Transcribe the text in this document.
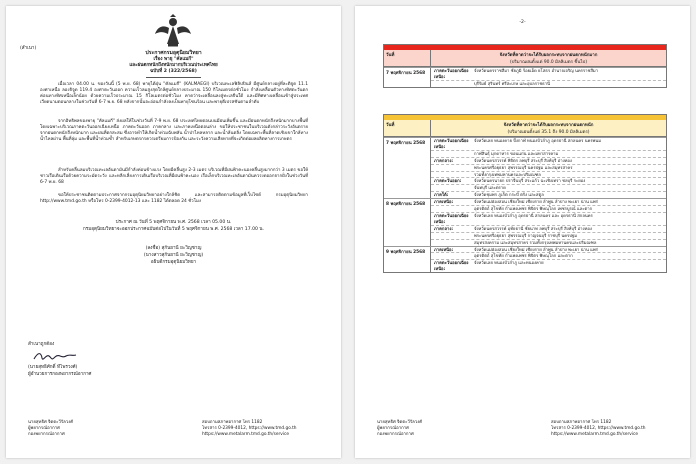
(สำเนา)
ประกาศกรมอุตุนิยมวิทยา
เรื่อง พายุ "คัลแมกี"
และฝนตกหนักถึงหนักมากบริเวณประเทศไทย
ฉบับที่ 2 (322/2568)
เมื่อเวลา 04.00 น. ของวันนี้ (5 พ.ย. 68) พายุไต้ฝุ่น "คัลแมกี" (KALMAEGI) บริเวณทะเลฟิลิปปินส์ มีศูนย์กลางอยู่ที่ละติจูด 11.1 องศาเหนือ ลองจิจูด 119.4 องศาตะวันออก ความเร็วลมสูงสุดใกล้ศูนย์กลางประมาณ 150 กิโลเมตรต่อชั่วโมง กำลังเคลื่อนตัวทางทิศตะวันตกค่อนทางทิศเหนือเล็กน้อย ด้วยความเร็วประมาณ 15 กิโลเมตรต่อชั่วโมง คาดว่าจะเคลื่อนลงสู่ทะเลจีนใต้ และมีทิศทางเคลื่อนเข้าสู่ประเทศเวียดนามตอนกลางในช่วงวันที่ 6-7 พ.ย. 68 หลังจากนั้นจะอ่อนกำลังลงเป็นพายุโซนร้อน และพายุดีเปรสชันตามลำดับ
จากอิทธิพลของพายุ "คัลแมกี" ส่งผลให้ในช่วงวันที่ 7-9 พ.ย. 68 ประเทศไทยตอนบนมีฝนเพิ่มขึ้น และมีฝนตกหนักถึงหนักมากบางพื้นที่ โดยเฉพาะบริเวณภาคตะวันออกเฉียงเหนือ ภาคตะวันออก ภาคกลาง และภาคเหนือตอนล่าง ขอให้ประชาชนในบริเวณดังกล่าวระวังอันตรายจากฝนตกหนักถึงหนักมาก และฝนที่ตกสะสม ซึ่งอาจทำให้เกิดน้ำท่วมฉับพลัน น้ำป่าไหลหลาก และน้ำล้นตลิ่ง โดยเฉพาะพื้นที่ลาดเชิงเขาใกล้ทางน้ำไหลผ่าน พื้นที่ลุ่ม และพื้นที่น้ำท่วมซ้ำ สำหรับเกษตรกรควรเตรียมการป้องกัน และระวังความเสียหายที่จะเกิดต่อผลผลิตทางการเกษตร
สำหรับคลื่นลมบริเวณทะเลอันดามันมีกำลังค่อนข้างแรง โดยมีคลื่นสูง 2-3 เมตร บริเวณที่มีฝนฟ้าคะนองคลื่นสูงมากกว่า 3 เมตร ขอให้ชาวเรือเดินเรือด้วยความระมัดระวัง และหลีกเลี่ยงการเดินเรือบริเวณที่มีฝนฟ้าคะนอง เรือเล็กบริเวณทะเลอันดามันควรงดออกจากฝั่งในช่วงวันที่ 6-7 พ.ย. 68
ขอให้ประชาชนติดตามประกาศจากกรมอุตุนิยมวิทยาอย่างใกล้ชิด และสามารถติดตามข้อมูลที่เว็บไซต์ กรมอุตุนิยมวิทยา http://www.tmd.go.th หรือโทร 0-2399-4012-13 และ 1182 ได้ตลอด 24 ชั่วโมง
ประกาศ ณ วันที่ 5 พฤศจิกายน พ.ศ. 2568 เวลา 05.00 น.
กรมอุตุนิยมวิทยาจะออกประกาศฉบับต่อไปในวันที่ 5 พฤศจิกายน พ.ศ. 2568 เวลา 17.00 น.
(ลงชื่อ) สุกันยานี ยะวิญชาญ
(นางสาวสุกันยานี ยะวิญชาญ)
อธิบดีกรมอุตุนิยมวิทยา
สำเนาถูกต้อง
(นายสุทธิศักดิ์ ทีไพรวงศ์)
ผู้อำนวยการกองพยากรณ์อากาศ
นายสุทธิศ จิตตะวีรัลวงศ์
ผู้พยากรณ์อากาศ
กองพยากรณ์อากาศ
สอบถามสภาพอากาศ โทร 1182
โทรสาร 0-2399-4012, https://www.tmd.go.th
https://www.metalarm.tmd.go.th/service
-2-
วันที่	จังหวัดที่คาดว่าจะได้รับผลกระทบจากฝนตกหนักมาก
(ปริมาณฝนตั้งแต่ 90.0 มิลลิเมตร ขึ้นไป)
7 พฤศจิกายน 2568
ภาคตะวันออกเฉียงเหนือ:
จังหวัดนครราชสีมา ชัยภูมิ ร้อยเอ็ด ยโสธร อำนาจเจริญ นครราชสีมา
บุรีรัมย์ สุรินทร์ ศรีสะเกษ และอุบลราชธานี
วันที่	จังหวัดที่คาดว่าจะได้รับผลกระทบจากฝนตกหนัก
(ปริมาณฝนตั้งแต่ 35.1 ถึง 90.0 มิลลิเมตร)
7 พฤศจิกายน 2568
ภาคตะวันออกเฉียงเหนือ:
จังหวัดเลย หนองคาย บึงกาฬ หนองบัวลำภู อุดรธานี สกลนคร นครพนม
กาฬสินธุ์ มุกดาหาร ขอนแก่น และมหาสารคาม
ภาคกลาง:	จังหวัดนครสวรรค์ พิจิตร ลพบุรี สระบุรี สิงห์บุรี อ่างทอง
พระนครศรีอยุธยา สุพรรณบุรี นครปฐม และสมุทรสาคร
รวมทั้งกรุงเทพมหานครและปริมณฑล
ภาคตะวันออก:	จังหวัดนครนายก ปราจีนบุรี สระแก้ว ฉะเชิงเทรา ชลบุรี ระยอง
จันทบุรี และตราด
ภาคใต้:	จังหวัดชุมพร ภูเก็ต กระบี่ ตรัง และสตูล
8 พฤศจิกายน 2568
ภาคเหนือ:	จังหวัดแม่ฮ่องสอน เชียงใหม่ เชียงราย ลำพูน ลำปาง พะเยา น่าน แพร่
อุตรดิตถ์ สุโขทัย กำแพงเพชร พิจิตร พิษณุโลก เพชรบูรณ์ และตาก
ภาคตะวันออกเฉียงเหนือ:
จังหวัดเลย หนองบัวลำภู อุดรธานี สกลนคร และ อุดรธานี สกลนคร
ภาคกลาง:	จังหวัดนครสวรรค์ อุทัยธานี ชัยนาท ลพบุรี สระบุรี สิงห์บุรี อ่างทอง
พระนครศรีอยุธยา สุพรรณบุรี กาญจนบุรี ราชบุรี นครปฐม
สมุทรสงคราม และสมุทรสาคร รวมทั้งกรุงเทพมหานครและปริมณฑล
9 พฤศจิกายน 2568
ภาคเหนือ:	จังหวัดแม่ฮ่องสอน เชียงใหม่ เชียงราย ลำพูน ลำปาง พะเยา น่าน แพร่
อุตรดิตถ์ สุโขทัย กำแพงเพชร พิจิตร พิษณุโลก และตาก
ภาคตะวันออกเฉียงเหนือ:
จังหวัดเลย หนองบัวลำภู และหนองคาย
นายสุทธิศ จิตตะวีรัลวงศ์
ผู้พยากรณ์อากาศ
กองพยากรณ์อากาศ
สอบถามสภาพอากาศ โทร 1182
โทรสาร 0-2399-4012, https://www.tmd.go.th
https://www.metalarm.tmd.go.th/service
